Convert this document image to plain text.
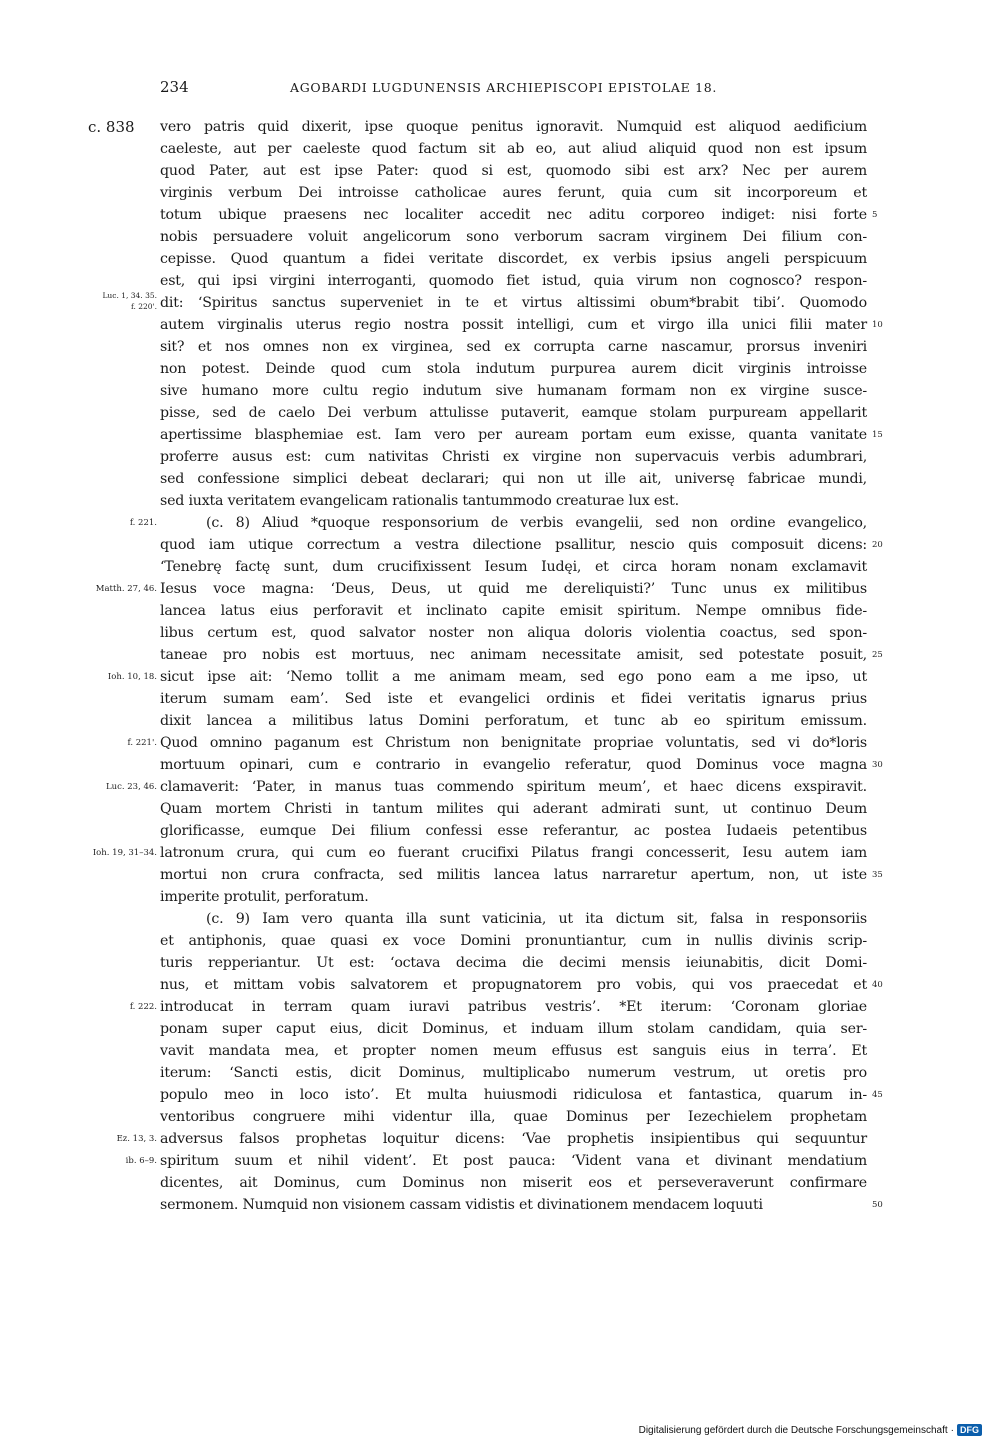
234	AGOBARDI LUGDUNENSIS ARCHIEPISCOPI EPISTOLAE 18.
c. 838 vero patris quid dixerit, ipse quoque penitus ignoravit. Numquid est aliquod aedificium
caeleste, aut per caeleste quod factum sit ab eo, aut aliud aliquid quod non est ipsum
quod Pater, aut est ipse Pater: quod si est, quomodo sibi est arx? Nec per aurem
virginis verbum Dei introisse catholicae aures ferunt, quia cum sit incorporeum et
totum ubique praesens nec localiter accedit nec aditu corporeo indiget: nisi forte
nobis persuadere voluit angelicorum sono verborum sacram virginem Dei filium con-
cepisse. Quod quantum a fidei veritate discordet, ex verbis ipsius angeli perspicuum
est, qui ipsi virgini interroganti, quomodo fiet istud, quia virum non cognosco? respon-
dit: ‘Spiritus sanctus superveniet in te et virtus altissimi obum*brabit tibi’. Quomodo
autem virginalis uterus regio nostra possit intelligi, cum et virgo illa unici filii mater
sit? et nos omnes non ex virginea, sed ex corrupta carne nascamur, prorsus inveniri
non potest. Deinde quod cum stola indutum purpurea aurem dicit virginis introisse
sive humano more cultu regio indutum sive humanam formam non ex virgine susce-
pisse, sed de caelo Dei verbum attulisse putaverit, eamque stolam purpuream appellarit
apertissime blasphemiae est. Iam vero per auream portam eum exisse, quanta vanitate
proferre ausus est: cum nativitas Christi ex virgine non supervacuis verbis adumbrari,
sed confessione simplici debeat declarari; qui non ut ille ait, universę fabricae mundi,
sed iuxta veritatem evangelicam rationalis tantummodo creaturae lux est.
(c. 8) Aliud *quoque responsorium de verbis evangelii, sed non ordine evangelico,
quod iam utique correctum a vestra dilectione psallitur, nescio quis composuit dicens:
‘Tenebrę factę sunt, dum crucifixissent Iesum Iudęi, et circa horam nonam exclamavit
Iesus voce magna: ‘Deus, Deus, ut quid me dereliquisti?’ Tunc unus ex militibus
lancea latus eius perforavit et inclinato capite emisit spiritum. Nempe omnibus fide-
libus certum est, quod salvator noster non aliqua doloris violentia coactus, sed spon-
taneae pro nobis est mortuus, nec animam necessitate amisit, sed potestate posuit,
sicut ipse ait: ‘Nemo tollit a me animam meam, sed ego pono eam a me ipso, ut
iterum sumam eam’. Sed iste et evangelici ordinis et fidei veritatis ignarus prius
dixit lancea a militibus latus Domini perforatum, et tunc ab eo spiritum emissum.
Quod omnino paganum est Christum non benignitate propriae voluntatis, sed vi do*loris
mortuum opinari, cum e contrario in evangelio referatur, quod Dominus voce magna
clamaverit: ‘Pater, in manus tuas commendo spiritum meum’, et haec dicens exspiravit.
Quam mortem Christi in tantum milites qui aderant admirati sunt, ut continuo Deum
glorificasse, eumque Dei filium confessi esse referantur, ac postea Iudaeis petentibus
latronum crura, qui cum eo fuerant crucifixi Pilatus frangi concesserit, Iesu autem iam
mortui non crura confracta, sed militis lancea latus narraretur apertum, non, ut iste
imperite protulit, perforatum.
(c. 9) Iam vero quanta illa sunt vaticinia, ut ita dictum sit, falsa in responsoriis
et antiphonis, quae quasi ex voce Domini pronuntiantur, cum in nullis divinis scrip-
turis repperiantur. Ut est: ‘octava decima die decimi mensis ieiunabitis, dicit Domi-
nus, et mittam vobis salvatorem et propugnatorem pro vobis, qui vos praecedat et
introducat in terram quam iuravi patribus vestris’. *Et iterum: ‘Coronam gloriae
ponam super caput eius, dicit Dominus, et induam illum stolam candidam, quia ser-
vavit mandata mea, et propter nomen meum effusus est sanguis eius in terra’. Et
iterum: ‘Sancti estis, dicit Dominus, multiplicabo numerum vestrum, ut oretis pro
populo meo in loco isto’. Et multa huiusmodi ridiculosa et fantastica, quarum in-
ventoribus congruere mihi videntur illa, quae Dominus per Iezechielem prophetam
adversus falsos prophetas loquitur dicens: ‘Vae prophetis insipientibus qui sequuntur
spiritum suum et nihil vident’. Et post pauca: ‘Vident vana et divinant mendatium
dicentes, ait Dominus, cum Dominus non miserit eos et perseveraverunt confirmare
sermonem. Numquid non visionem cassam vidistis et divinationem mendacem loquuti
5
10
15
20
25
30
35
40
45
50
Luc. 1, 34. 35.
f. 220'.
f. 221.
Matth. 27, 46.
Ioh. 10, 18.
f. 221'.
Luc. 23, 46.
Ioh. 19, 31–34.
f. 222.
Ez. 13, 3.
ib. 6–9.
Digitalisierung gefördert durch die Deutsche Forschungsgemeinschaft · DFG
